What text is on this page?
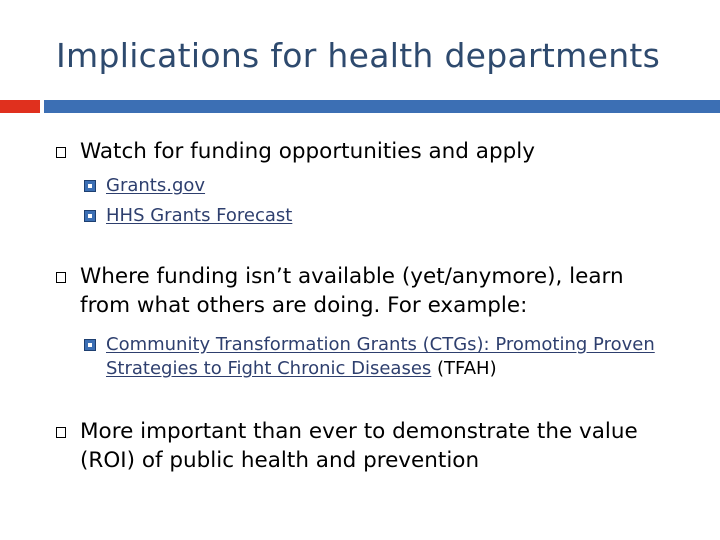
Implications for health departments
Watch for funding opportunities and apply
Grants.gov
HHS Grants Forecast
Where funding isn’t available (yet/anymore), learn from what others are doing. For example:
Community Transformation Grants (CTGs): Promoting Proven Strategies to Fight Chronic Diseases (TFAH)
More important than ever to demonstrate the value (ROI) of public health and prevention
